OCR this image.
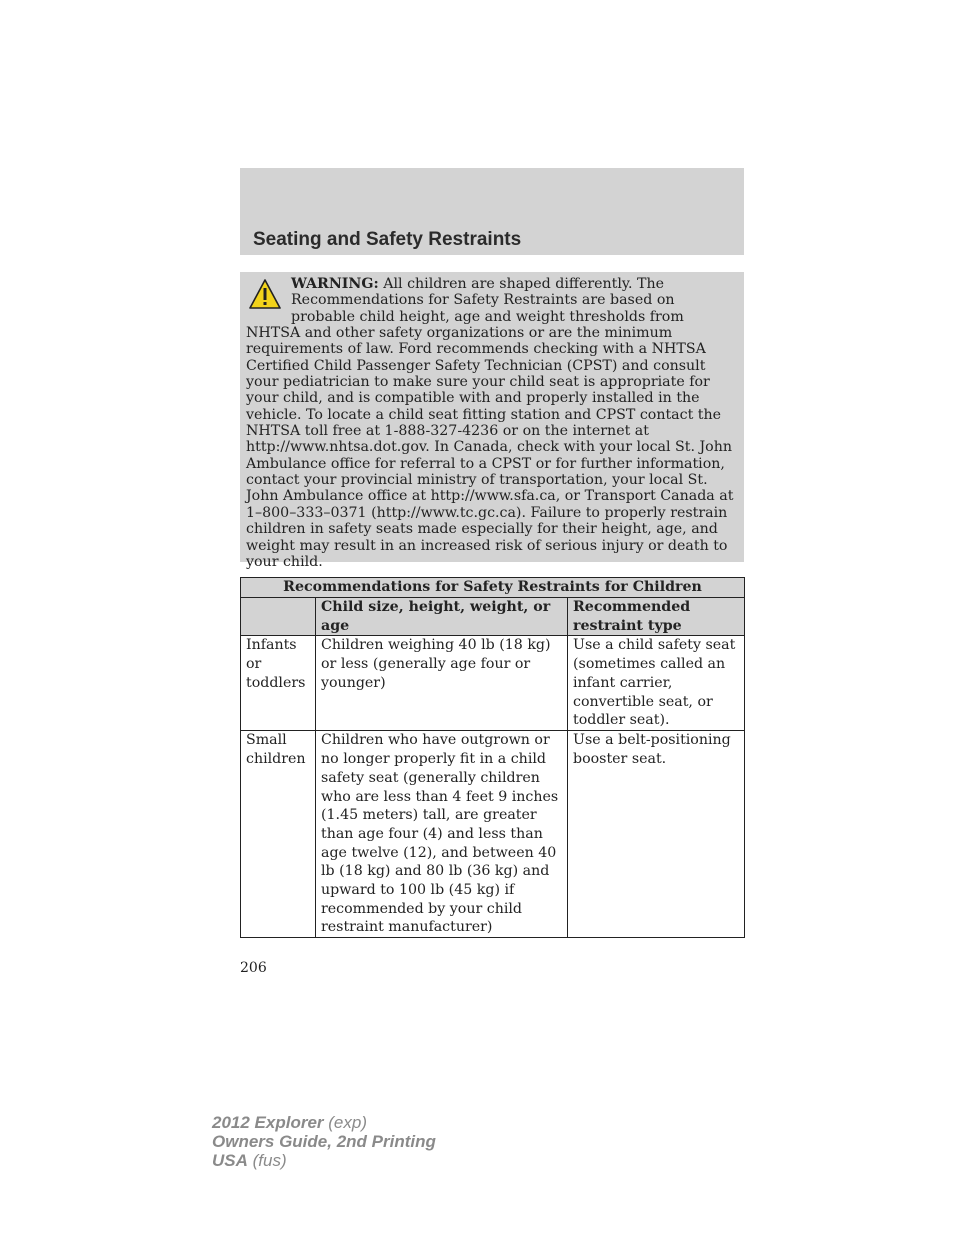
Seating and Safety Restraints
WARNING: All children are shaped differently. The Recommendations for Safety Restraints are based on probable child height, age and weight thresholds from NHTSA and other safety organizations or are the minimum requirements of law. Ford recommends checking with a NHTSA Certified Child Passenger Safety Technician (CPST) and consult your pediatrician to make sure your child seat is appropriate for your child, and is compatible with and properly installed in the vehicle. To locate a child seat fitting station and CPST contact the NHTSA toll free at 1-888-327-4236 or on the internet at http://www.nhtsa.dot.gov. In Canada, check with your local St. John Ambulance office for referral to a CPST or for further information, contact your provincial ministry of transportation, your local St. John Ambulance office at http://www.sfa.ca, or Transport Canada at 1–800–333–0371 (http://www.tc.gc.ca). Failure to properly restrain children in safety seats made especially for their height, age, and weight may result in an increased risk of serious injury or death to your child.
Recommendations for Safety Restraints for Children		
	Child size, height, weight, or age	Recommended restraint type
Infants or toddlers	Children weighing 40 lb (18 kg) or less (generally age four or younger)	Use a child safety seat (sometimes called an infant carrier, convertible seat, or toddler seat).
Small children	Children who have outgrown or no longer properly fit in a child safety seat (generally children who are less than 4 feet 9 inches (1.45 meters) tall, are greater than age four (4) and less than age twelve (12), and between 40 lb (18 kg) and 80 lb (36 kg) and upward to 100 lb (45 kg) if recommended by your child restraint manufacturer)	Use a belt-positioning booster seat.
206
2012 Explorer (exp)
Owners Guide, 2nd Printing
USA (fus)
